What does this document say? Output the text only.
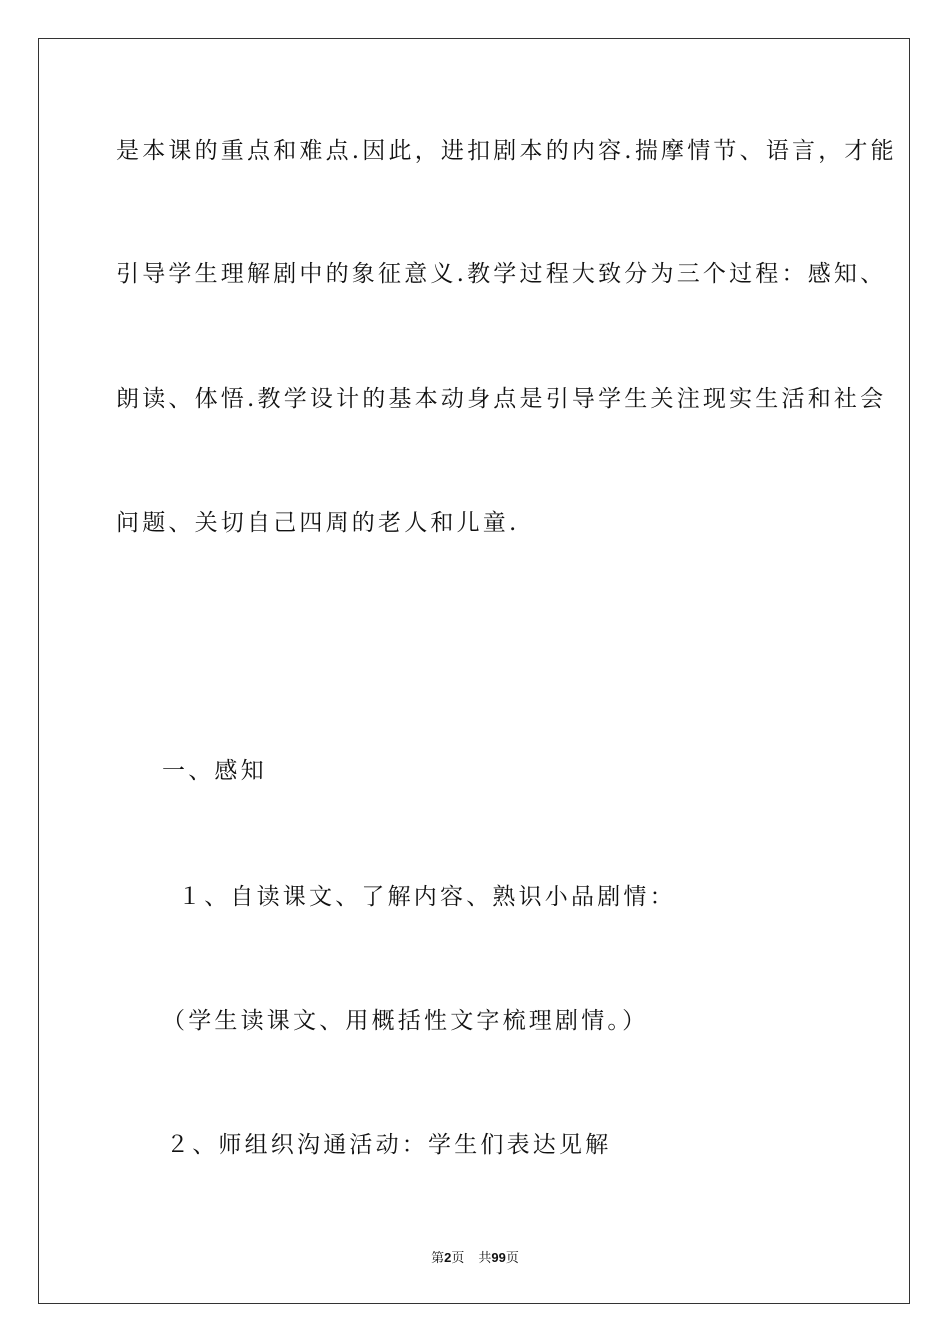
是本课的重点和难点.因此，进扣剧本的内容.揣摩情节、语言，才能
引导学生理解剧中的象征意义.教学过程大致分为三个过程：感知、
朗读、体悟.教学设计的基本动身点是引导学生关注现实生活和社会
问题、关切自己四周的老人和儿童.
一、感知
１、自读课文、了解内容、熟识小品剧情：
（学生读课文、用概括性文字梳理剧情。）
２、师组织沟通活动：学生们表达见解
第2页 共99页
